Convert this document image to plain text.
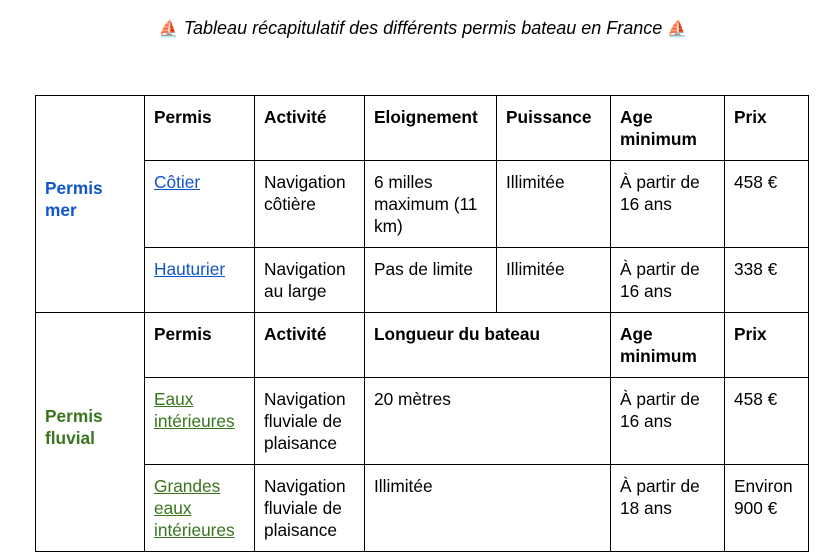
⛵ Tableau récapitulatif des différents permis bateau en France ⛵
Permis mer	Permis	Activité	Eloignement	Puissance	Age minimum	Prix
	Côtier	Navigation côtière	6 milles maximum (11 km)	Illimitée	À partir de 16 ans	458 €
	Hauturier	Navigation au large	Pas de limite	Illimitée	À partir de 16 ans	338 €
Permis fluvial	Permis	Activité	Longueur du bateau		Age minimum	Prix
	Eaux intérieures	Navigation fluviale de plaisance	20 mètres		À partir de 16 ans	458 €
	Grandes eaux intérieures	Navigation fluviale de plaisance	Illimitée		À partir de 18 ans	Environ 900 €
